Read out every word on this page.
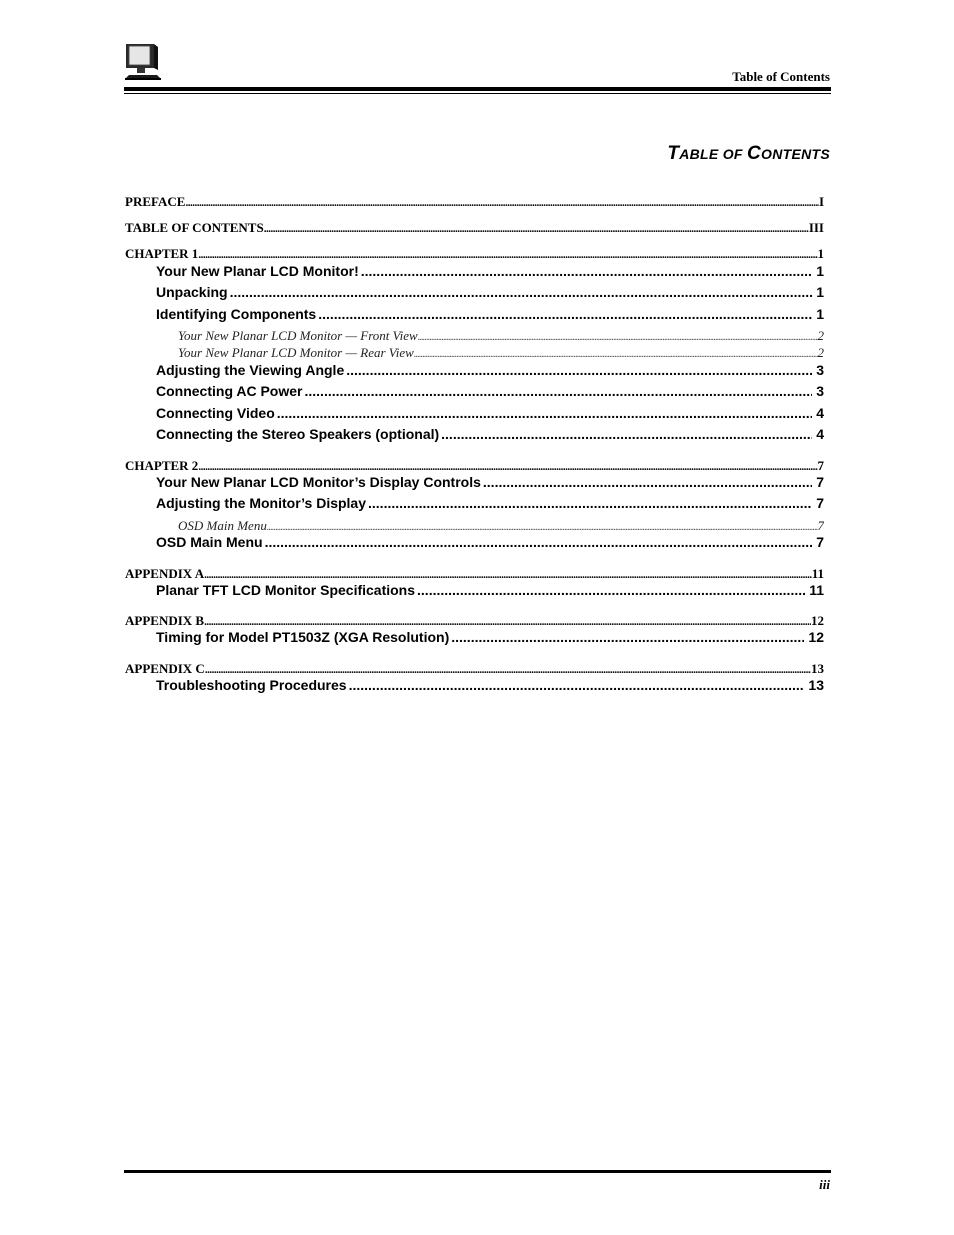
Table of Contents
TABLE OF CONTENTS
PREFACE .....	I
TABLE OF CONTENTS .....	III
CHAPTER 1 .....	1
Your New Planar LCD Monitor! .....	1
Unpacking .....	1
Identifying Components .....	1
Your New Planar LCD Monitor — Front View .....	2
Your New Planar LCD Monitor — Rear View .....	2
Adjusting the Viewing Angle .....	3
Connecting AC Power .....	3
Connecting Video .....	4
Connecting the Stereo Speakers (optional) .....	4
CHAPTER 2 .....	7
Your New Planar LCD Monitor’s Display Controls .....	7
Adjusting the Monitor’s Display .....	7
OSD Main Menu .....	7
OSD Main Menu .....	7
APPENDIX A .....	11
Planar TFT LCD Monitor Specifications .....	11
APPENDIX B .....	12
Timing for Model PT1503Z (XGA Resolution) .....	12
APPENDIX C .....	13
Troubleshooting Procedures .....	13
iii
